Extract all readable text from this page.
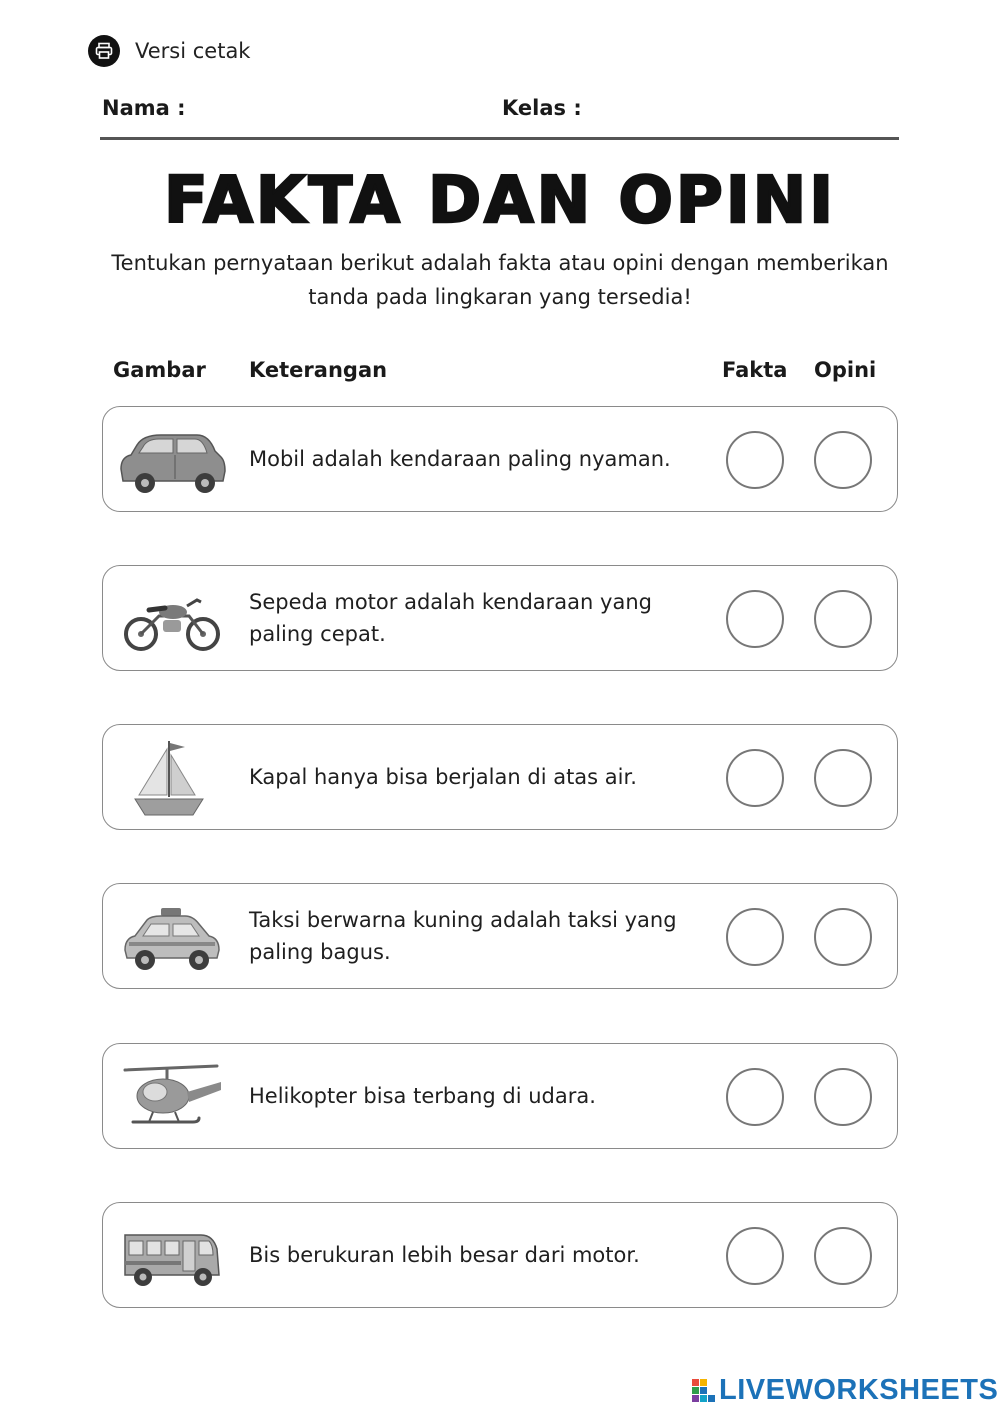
Versi cetak
Nama :	Kelas :
FAKTA DAN OPINI
Tentukan pernyataan berikut adalah fakta atau opini dengan memberikan tanda pada lingkaran yang tersedia!
Gambar Keterangan	Fakta Opini
Mobil adalah kendaraan paling nyaman.
Sepeda motor adalah kendaraan yang paling cepat.
Kapal hanya bisa berjalan di atas air.
Taksi berwarna kuning adalah taksi yang paling bagus.
Helikopter bisa terbang di udara.
Bis berukuran lebih besar dari motor.
LIVEWORKSHEETS
